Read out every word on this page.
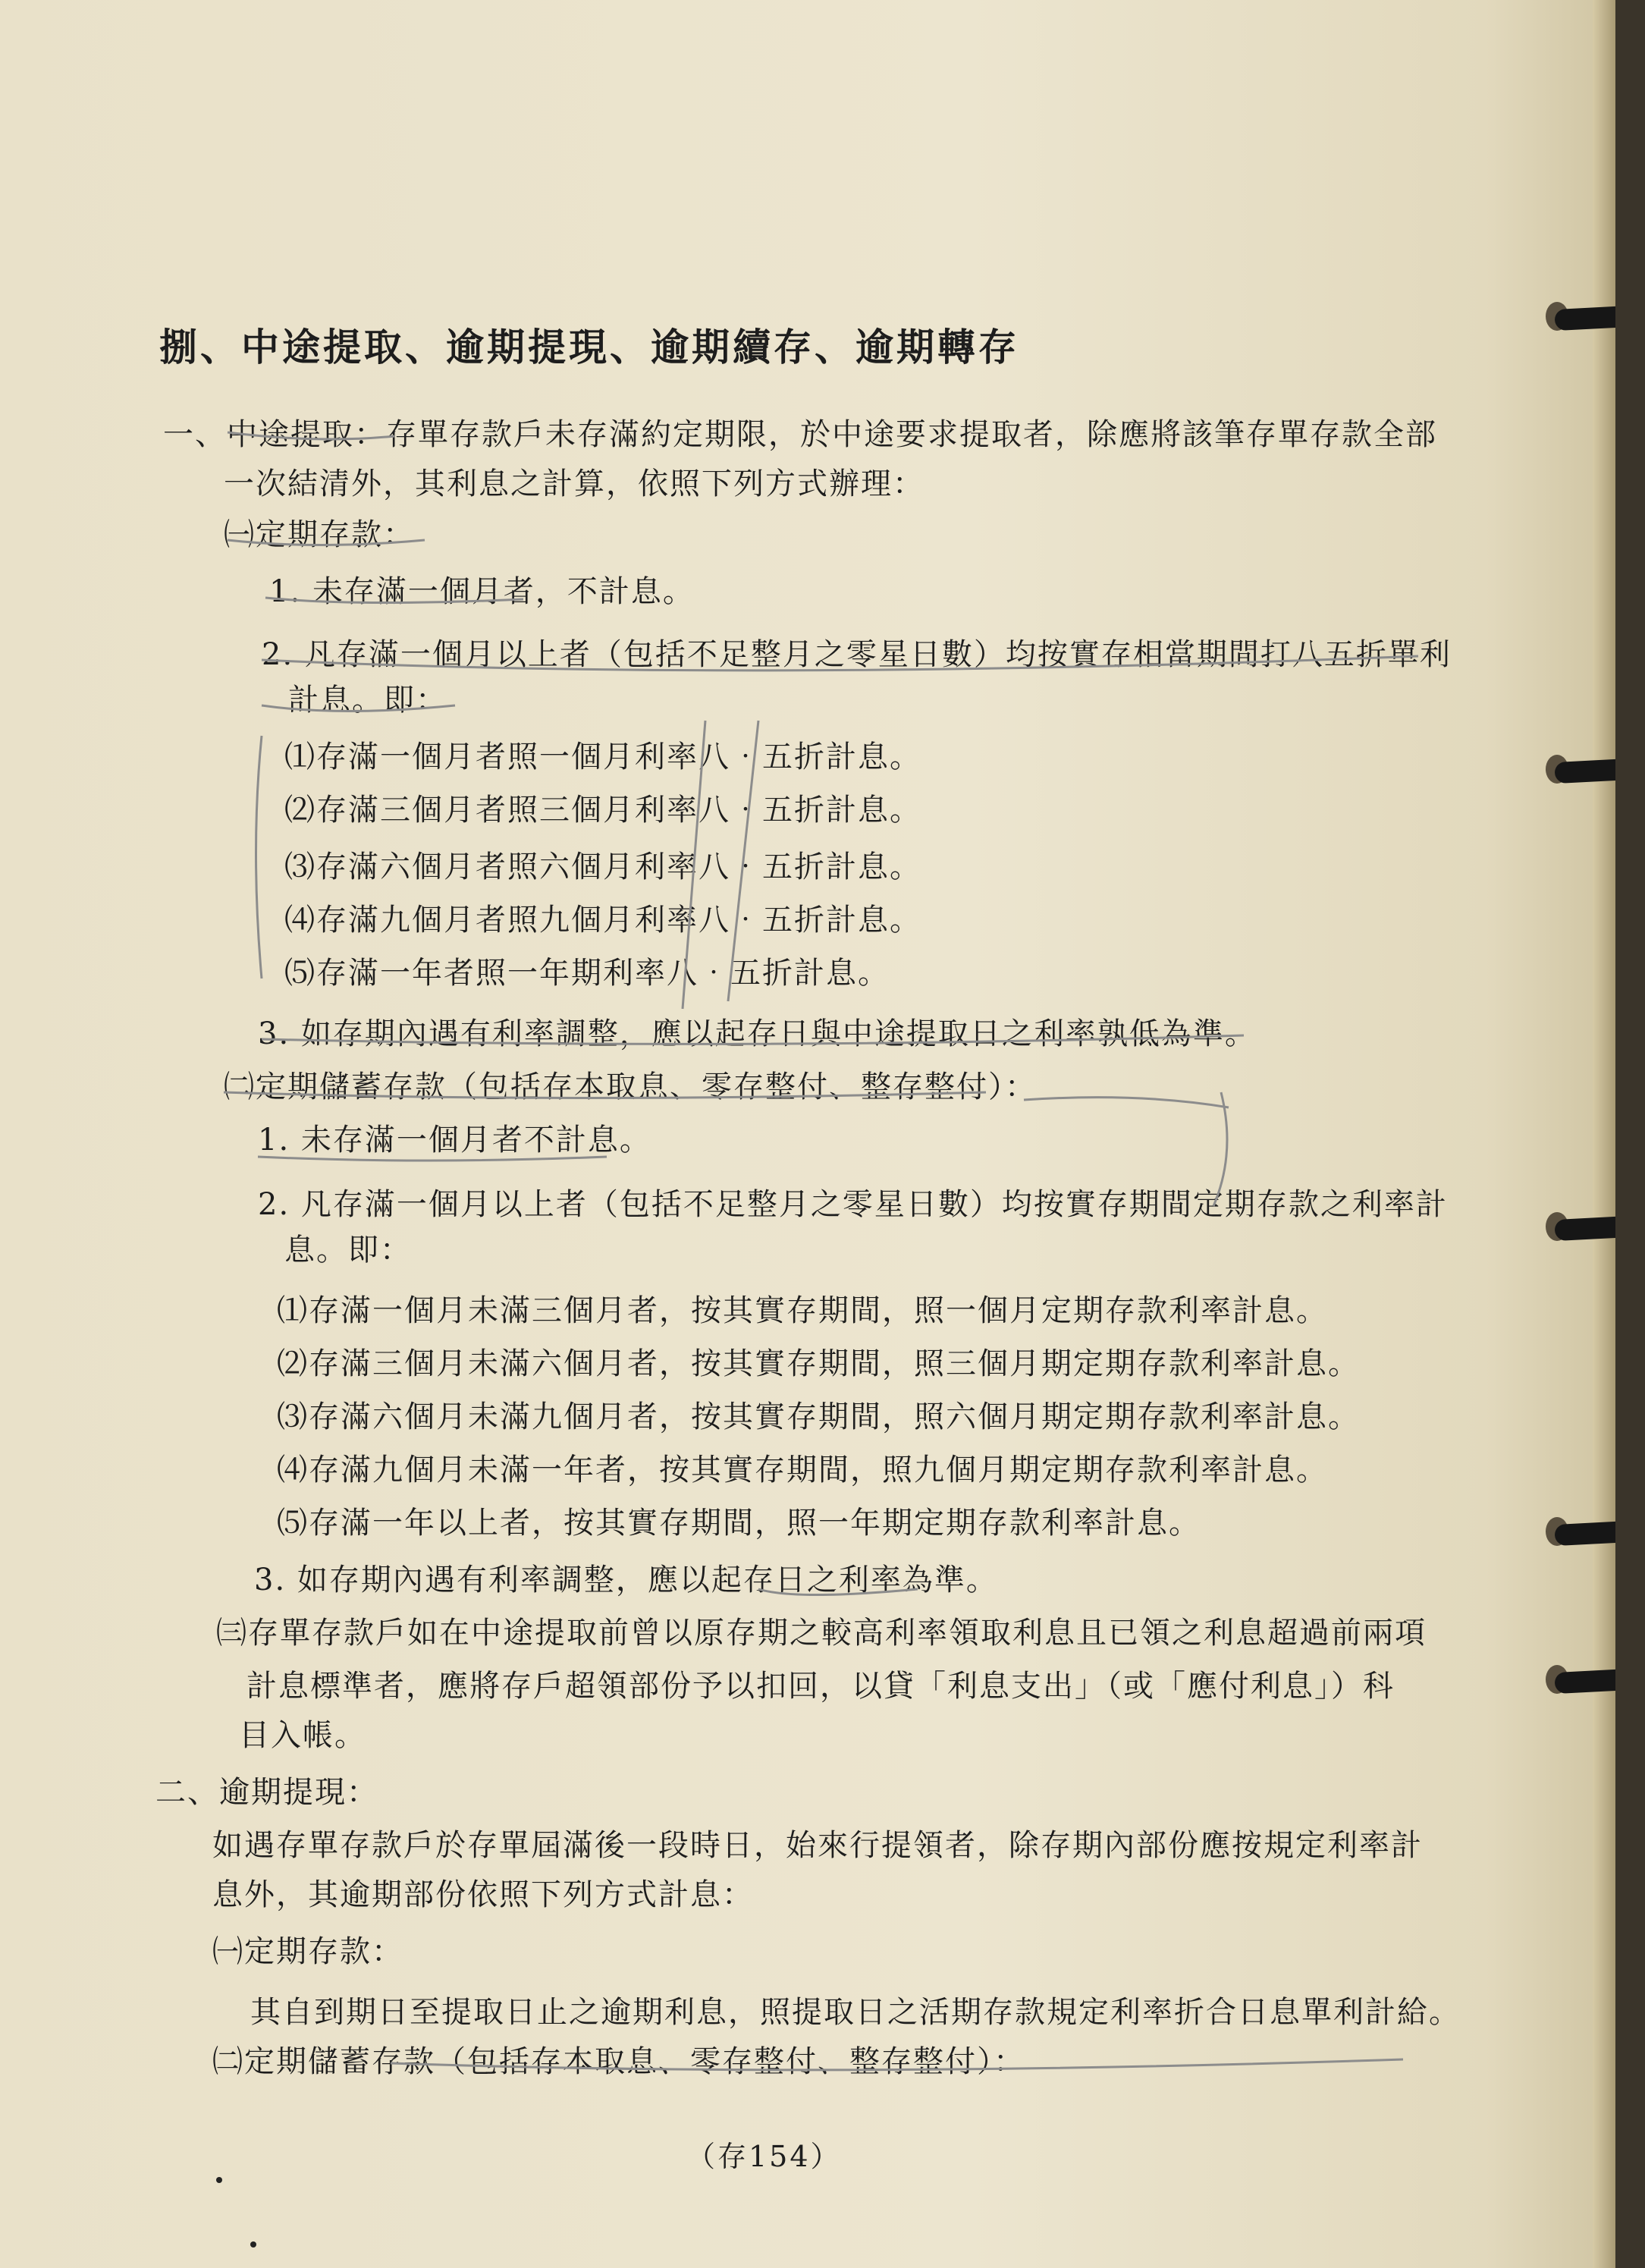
捌、中途提取、逾期提現、逾期續存、逾期轉存
一、中途提取：存單存款戶未存滿約定期限，於中途要求提取者，除應將該筆存單存款全部
一次結清外，其利息之計算，依照下列方式辦理：
㈠定期存款：
1. 未存滿一個月者，不計息。
2. 凡存滿一個月以上者（包括不足整月之零星日數）均按實存相當期間打八五折單利
計息。即：
⑴存滿一個月者照一個月利率八‧五折計息。
⑵存滿三個月者照三個月利率八‧五折計息。
⑶存滿六個月者照六個月利率八‧五折計息。
⑷存滿九個月者照九個月利率八‧五折計息。
⑸存滿一年者照一年期利率八‧五折計息。
3. 如存期內遇有利率調整，應以起存日與中途提取日之利率孰低為準。
㈡定期儲蓄存款（包括存本取息、零存整付、整存整付）：
1. 未存滿一個月者不計息。
2. 凡存滿一個月以上者（包括不足整月之零星日數）均按實存期間定期存款之利率計
息。即：
⑴存滿一個月未滿三個月者，按其實存期間，照一個月定期存款利率計息。
⑵存滿三個月未滿六個月者，按其實存期間，照三個月期定期存款利率計息。
⑶存滿六個月未滿九個月者，按其實存期間，照六個月期定期存款利率計息。
⑷存滿九個月未滿一年者，按其實存期間，照九個月期定期存款利率計息。
⑸存滿一年以上者，按其實存期間，照一年期定期存款利率計息。
3. 如存期內遇有利率調整，應以起存日之利率為準。
㈢存單存款戶如在中途提取前曾以原存期之較高利率領取利息且已領之利息超過前兩項
計息標準者，應將存戶超領部份予以扣回，以貸「利息支出」（或「應付利息」）科
目入帳。
二、逾期提現：
如遇存單存款戶於存單屆滿後一段時日，始來行提領者，除存期內部份應按規定利率計
息外，其逾期部份依照下列方式計息：
㈠定期存款：
其自到期日至提取日止之逾期利息，照提取日之活期存款規定利率折合日息單利計給。
㈡定期儲蓄存款（包括存本取息、零存整付、整存整付）：
（存154）
